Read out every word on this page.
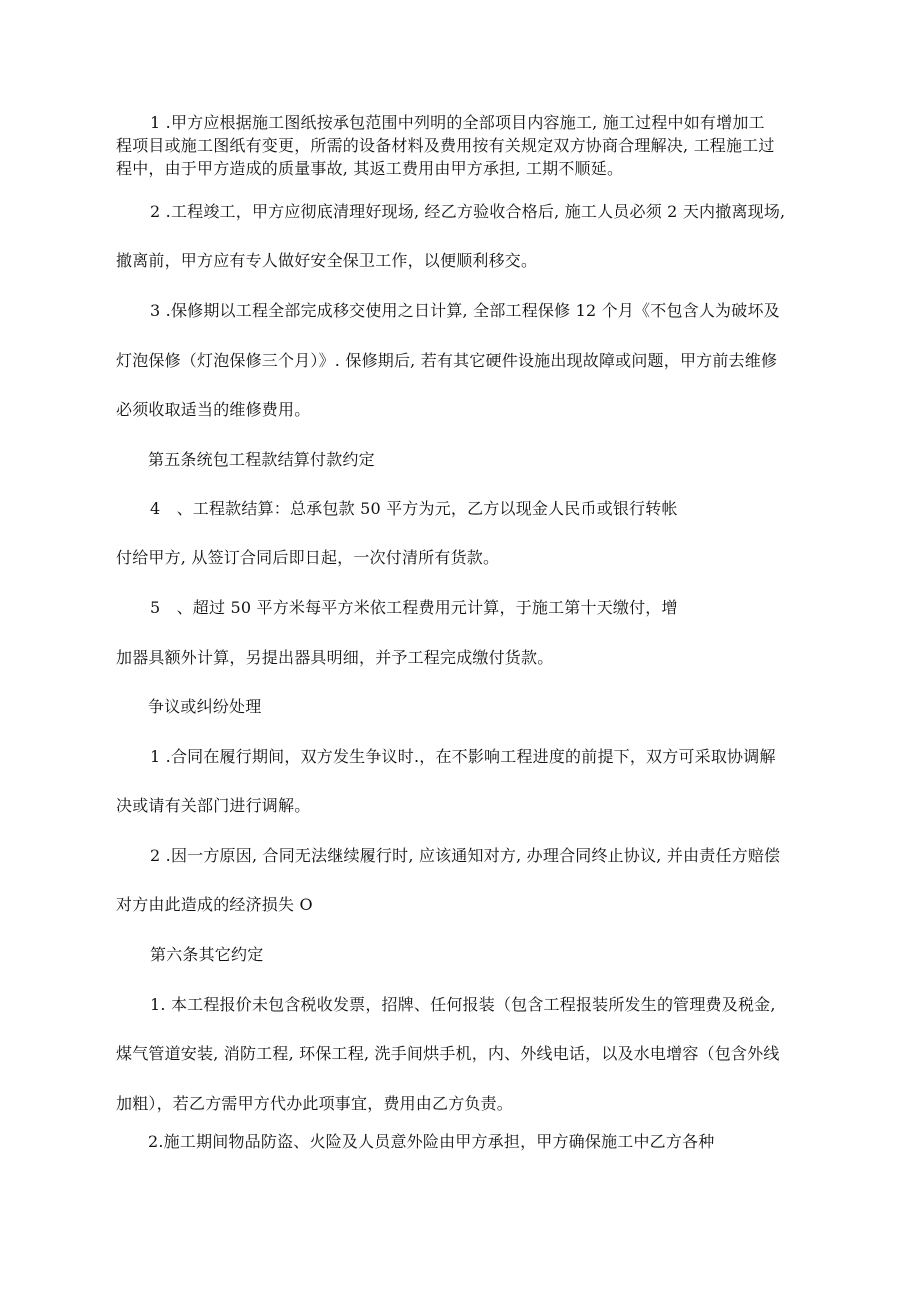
1 .甲方应根据施工图纸按承包范围中列明的全部项目内容施工, 施工过程中如有增加工
程项目或施工图纸有变更，所需的设备材料及费用按有关规定双方协商合理解决, 工程施工过
程中，由于甲方造成的质量事故, 其返工费用由甲方承担, 工期不顺延。
2 .工程竣工，甲方应彻底清理好现场, 经乙方验收合格后, 施工人员必须 2 天内撤离现场,
撤离前，甲方应有专人做好安全保卫工作，以便顺利移交。
3 .保修期以工程全部完成移交使用之日计算, 全部工程保修 12 个月《不包含人为破坏及
灯泡保修（灯泡保修三个月）》. 保修期后, 若有其它硬件设施出现故障或问题，甲方前去维修
必须收取适当的维修费用。
第五条统包工程款结算付款约定
4　、工程款结算：总承包款 50 平方为元，乙方以现金人民币或银行转帐
付给甲方, 从签订合同后即日起，一次付清所有货款。
5　、超过 50 平方米每平方米依工程费用元计算，于施工第十天缴付，增
加器具额外计算，另提出器具明细，并予工程完成缴付货款。
争议或纠纷处理
1 .合同在履行期间，双方发生争议时.，在不影响工程进度的前提下，双方可采取协调解
决或请有关部门进行调解。
2 .因一方原因, 合同无法继续履行时, 应该通知对方, 办理合同终止协议, 并由责任方赔偿
对方由此造成的经济损失 O
第六条其它约定
1. 本工程报价未包含税收发票，招牌、任何报装（包含工程报装所发生的管理费及税金,
煤气管道安装, 消防工程, 环保工程, 洗手间烘手机，内、外线电话，以及水电增容（包含外线
加粗），若乙方需甲方代办此项事宜，费用由乙方负责。
2.施工期间物品防盗、火险及人员意外险由甲方承担，甲方确保施工中乙方各种
